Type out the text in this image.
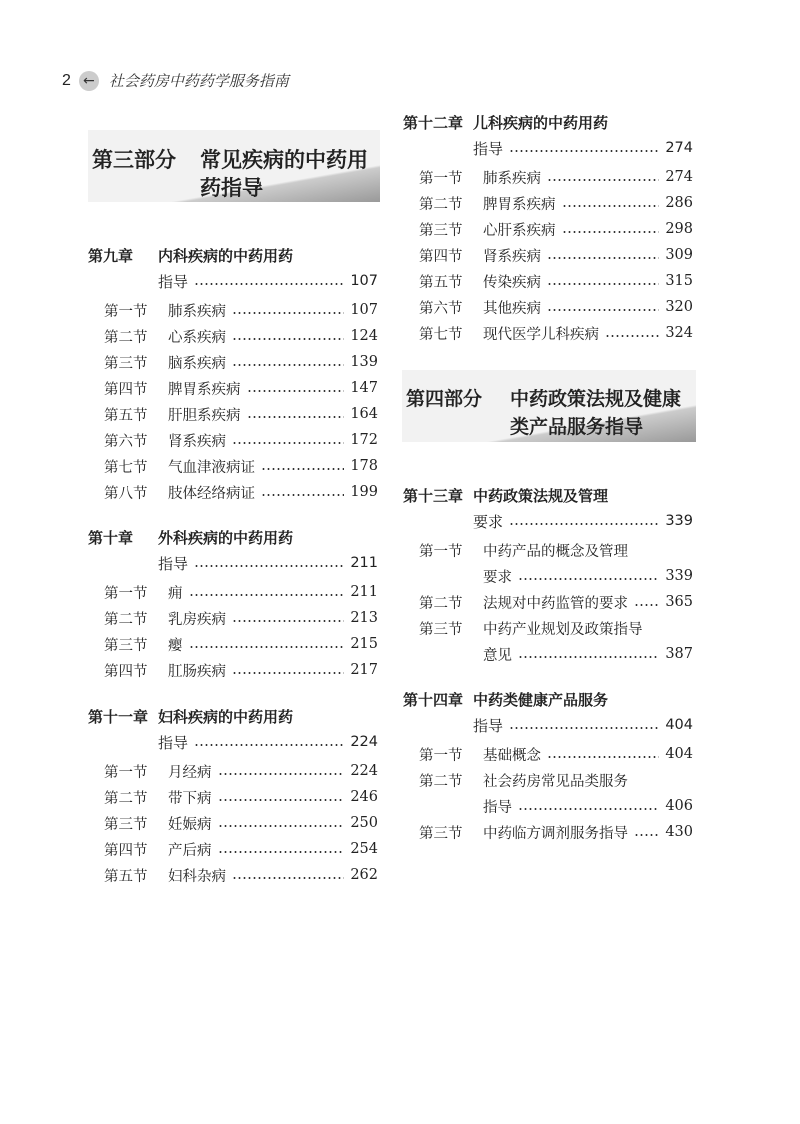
2 ← 社会药房中药药学服务指南
第三部分 常见疾病的中药用
药指导
第四部分 中药政策法规及健康
类产品服务指导
第九章	内科疾病的中药用药
指导	107
第一节	肺系疾病	107
第二节	心系疾病	124
第三节	脑系疾病	139
第四节	脾胃系疾病	147
第五节	肝胆系疾病	164
第六节	肾系疾病	172
第七节	气血津液病证	178
第八节	肢体经络病证	199
第十章	外科疾病的中药用药
指导	211
第一节	痈	211
第二节	乳房疾病	213
第三节	瘿	215
第四节	肛肠疾病	217
第十一章 妇科疾病的中药用药
指导	224
第一节	月经病	224
第二节	带下病	246
第三节	妊娠病	250
第四节	产后病	254
第五节	妇科杂病	262
第十二章 儿科疾病的中药用药
指导	274
第一节	肺系疾病	274
第二节	脾胃系疾病	286
第三节	心肝系疾病	298
第四节	肾系疾病	309
第五节	传染疾病	315
第六节	其他疾病	320
第七节	现代医学儿科疾病	324
第十三章 中药政策法规及管理
要求	339
第一节	中药产品的概念及管理
要求	339
第二节	法规对中药监管的要求	365
第三节	中药产业规划及政策指导
意见	387
第十四章 中药类健康产品服务
指导	404
第一节	基础概念	404
第二节	社会药房常见品类服务
指导	406
第三节	中药临方调剂服务指导	430
